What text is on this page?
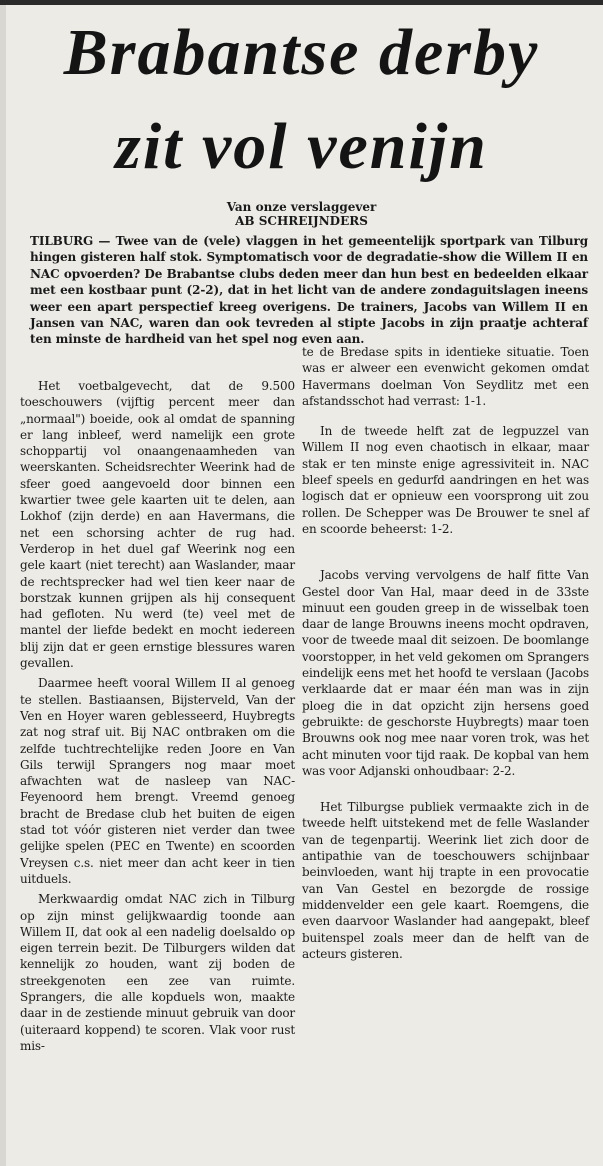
Brabantse derby
zit vol venijn
Van onze verslaggever
AB SCHREIJNDERS
TILBURG — Twee van de (vele) vlaggen in het gemeentelijk sportpark van Tilburg hingen gisteren half stok. Symptomatisch voor de degradatie-show die Willem II en NAC opvoerden? De Brabantse clubs deden meer dan hun best en bedeelden elkaar met een kostbaar punt (2-2), dat in het licht van de andere zondaguitslagen ineens weer een apart perspectief kreeg overigens. De trainers, Jacobs van Willem II en Jansen van NAC, waren dan ook tevreden al stipte Jacobs in zijn praatje achteraf ten minste de hardheid van het spel nog even aan.

Het voetbalgevecht, dat de 9.500 toeschouwers (vijftig percent meer dan „normaal") boeide, ook al omdat de spanning er lang inbleef, werd namelijk een grote schoppartij vol onaangenaamheden van weerskanten. Scheidsrechter Weerink had de sfeer goed aangevoeld door binnen een kwartier twee gele kaarten uit te delen, aan Lokhof (zijn derde) en aan Havermans, die net een schorsing achter de rug had. Verderop in het duel gaf Weerink nog een gele kaart (niet terecht) aan Waslander, maar de rechtsprecker had wel tien keer naar de borstzak kunnen grijpen als hij consequent had gefloten. Nu werd (te) veel met de mantel der liefde bedekt en mocht iedereen blij zijn dat er geen ernstige blessures waren gevallen.

Daarmee heeft vooral Willem II al genoeg te stellen. Bastiaansen, Bijsterveld, Van der Ven en Hoyer waren geblesseerd, Huybregts zat nog straf uit. Bij NAC ontbraken om die zelfde tuchtrechtelijke reden Joore en Van Gils terwijl Sprangers nog maar moet afwachten wat de nasleep van NAC-Feyenoord hem brengt. Vreemd genoeg bracht de Bredase club het buiten de eigen stad tot vóór gisteren niet verder dan twee gelijke spelen (PEC en Twente) en scoorden Vreysen c.s. niet meer dan acht keer in tien uitduels.

Merkwaardig omdat NAC zich in Tilburg op zijn minst gelijkwaardig toonde aan Willem II, dat ook al een nadelig doelsaldo op eigen terrein bezit. De Tilburgers wilden dat kennelijk zo houden, want zij boden de streekgenoten een zee van ruimte. Sprangers, die alle kopduels won, maakte daar in de zestiende minuut gebruik van door (uiteraard koppend) te scoren. Vlak voor rust mis-

te de Bredase spits in identieke situatie. Toen was er alweer een evenwicht gekomen omdat Havermans doelman Von Seydlitz met een afstandsschot had verrast: 1-1.

In de tweede helft zat de legpuzzel van Willem II nog even chaotisch in elkaar, maar stak er ten minste enige agressiviteit in. NAC bleef speels en gedurfd aandringen en het was logisch dat er opnieuw een voorsprong uit zou rollen. De Schepper was De Brouwer te snel af en scoorde beheerst: 1-2.

Jacobs verving vervolgens de half fitte Van Gestel door Van Hal, maar deed in de 33ste minuut een gouden greep in de wisselbak toen daar de lange Brouwns ineens mocht opdraven, voor de tweede maal dit seizoen. De boomlange voorstopper, in het veld gekomen om Sprangers eindelijk eens met het hoofd te verslaan (Jacobs verklaarde dat er maar één man was in zijn ploeg die in dat opzicht zijn hersens goed gebruikte: de geschorste Huybregts) maar toen Brouwns ook nog mee naar voren trok, was het acht minuten voor tijd raak. De kopbal van hem was voor Adjanski onhoudbaar: 2-2.

Het Tilburgse publiek vermaakte zich in de tweede helft uitstekend met de felle Waslander van de tegenpartij. Weerink liet zich door de antipathie van de toeschouwers schijnbaar beinvloeden, want hij trapte in een provocatie van Van Gestel en bezorgde de rossige middenvelder een gele kaart. Roemgens, die even daarvoor Waslander had aangepakt, bleef buitenspel zoals meer dan de helft van de acteurs gisteren.
